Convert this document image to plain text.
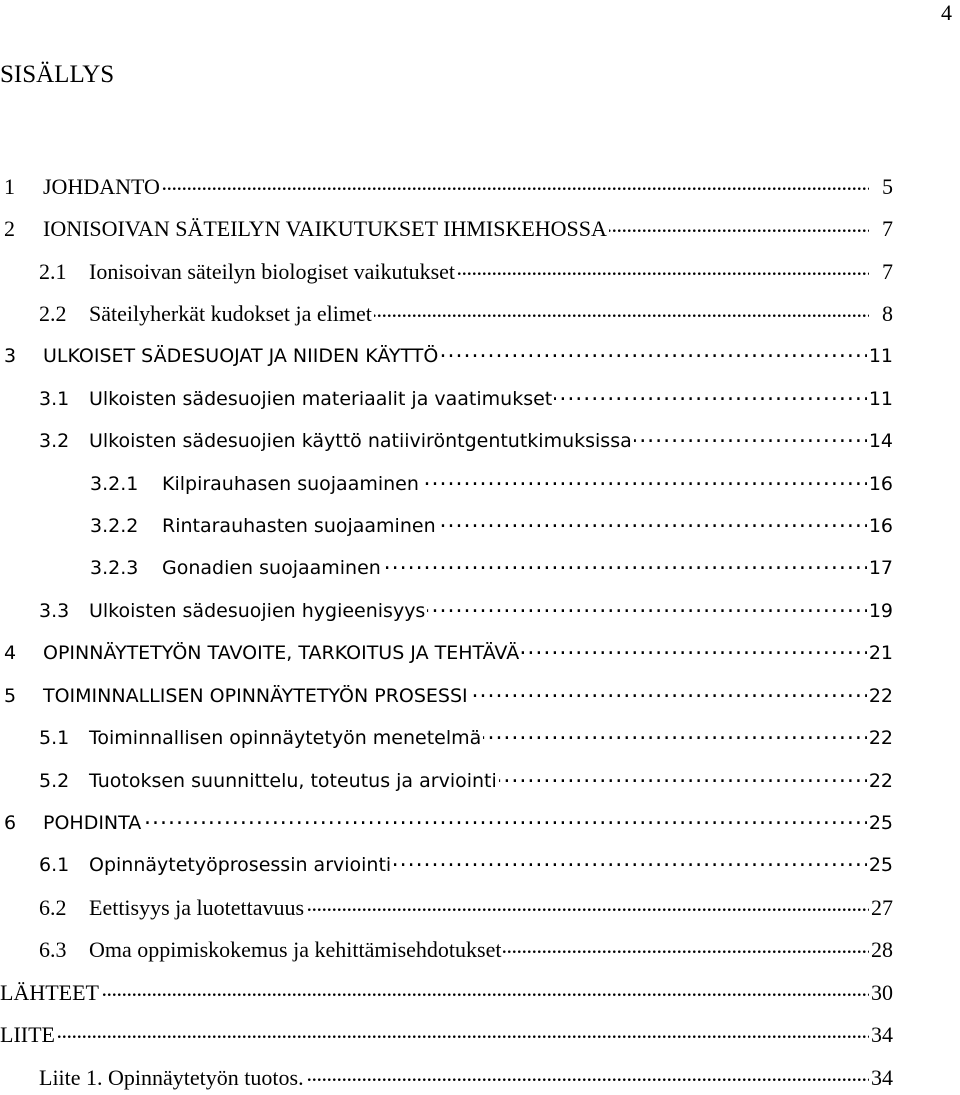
4
SISÄLLYS
1	JOHDANTO . . .	5
2	IONISOIVAN SÄTEILYN VAIKUTUKSET IHMISKEHOSSA . . .	7
2.1	Ionisoivan säteilyn biologiset vaikutukset . . .	7
2.2	Säteilyherkät kudokset ja elimet . . .	8
3	ULKOISET SÄDESUOJAT JA NIIDEN KÄYTTÖ . . .	11
3.1	Ulkoisten sädesuojien materiaalit ja vaatimukset . . .	11
3.2	Ulkoisten sädesuojien käyttö natiiviröntgentutkimuksissa . . .	14
3.2.1	Kilpirauhasen suojaaminen . . .	16
3.2.2	Rintarauhasten suojaaminen . . .	16
3.2.3	Gonadien suojaaminen . . .	17
3.3	Ulkoisten sädesuojien hygieenisyys . . .	19
4	OPINNÄYTETYÖN TAVOITE, TARKOITUS JA TEHTÄVÄ . . .	21
5	TOIMINNALLISEN OPINNÄYTETYÖN PROSESSI . . .	22
5.1	Toiminnallisen opinnäytetyön menetelmä . . .	22
5.2	Tuotoksen suunnittelu, toteutus ja arviointi . . .	22
6	POHDINTA . . .	25
6.1	Opinnäytetyöprosessin arviointi . . .	25
6.2	Eettisyys ja luotettavuus . . .	27
6.3	Oma oppimiskokemus ja kehittämisehdotukset . . .	28
LÄHTEET . . .	30
LIITE . . .	34
Liite 1. Opinnäytetyön tuotos. . . .	34
